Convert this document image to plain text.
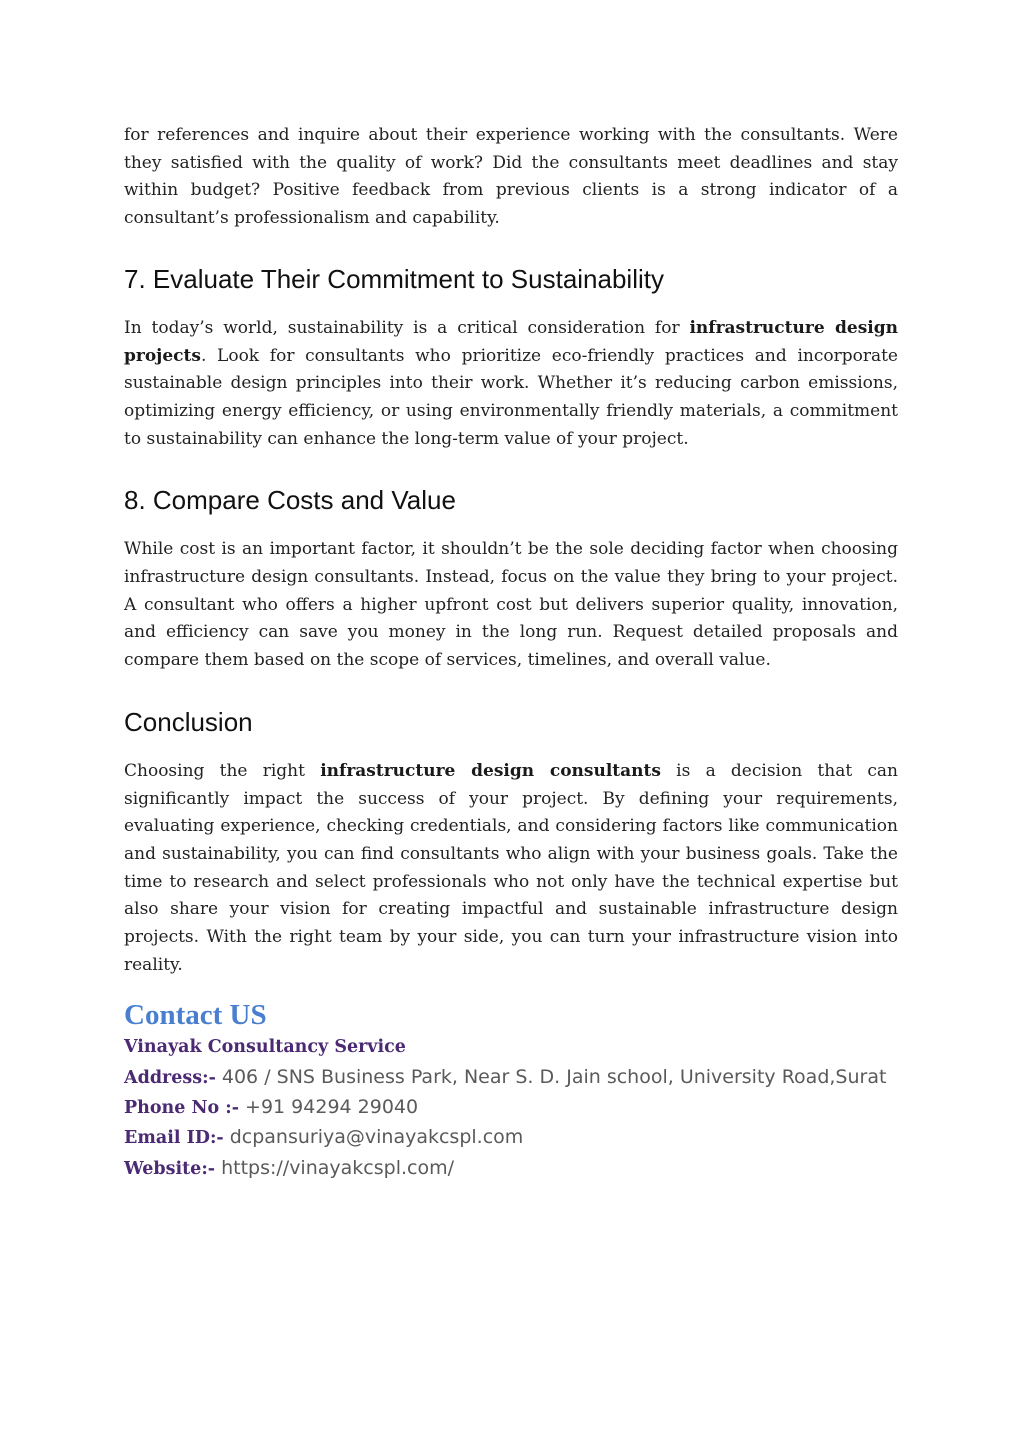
for references and inquire about their experience working with the consultants. Were they satisfied with the quality of work? Did the consultants meet deadlines and stay within budget? Positive feedback from previous clients is a strong indicator of a consultant’s professionalism and capability.

7. Evaluate Their Commitment to Sustainability

In today’s world, sustainability is a critical consideration for infrastructure design projects. Look for consultants who prioritize eco-friendly practices and incorporate sustainable design principles into their work. Whether it’s reducing carbon emissions, optimizing energy efficiency, or using environmentally friendly materials, a commitment to sustainability can enhance the long-term value of your project.

8. Compare Costs and Value

While cost is an important factor, it shouldn’t be the sole deciding factor when choosing infrastructure design consultants. Instead, focus on the value they bring to your project. A consultant who offers a higher upfront cost but delivers superior quality, innovation, and efficiency can save you money in the long run. Request detailed proposals and compare them based on the scope of services, timelines, and overall value.

Conclusion

Choosing the right infrastructure design consultants is a decision that can significantly impact the success of your project. By defining your requirements, evaluating experience, checking credentials, and considering factors like communication and sustainability, you can find consultants who align with your business goals. Take the time to research and select professionals who not only have the technical expertise but also share your vision for creating impactful and sustainable infrastructure design projects. With the right team by your side, you can turn your infrastructure vision into reality.

Contact US

Vinayak Consultancy Service

Address:- 406 / SNS Business Park, Near S. D. Jain school, University Road,Surat

Phone No :- +91 94294 29040

Email ID:- dcpansuriya@vinayakcspl.com

Website:- https://vinayakcspl.com/
